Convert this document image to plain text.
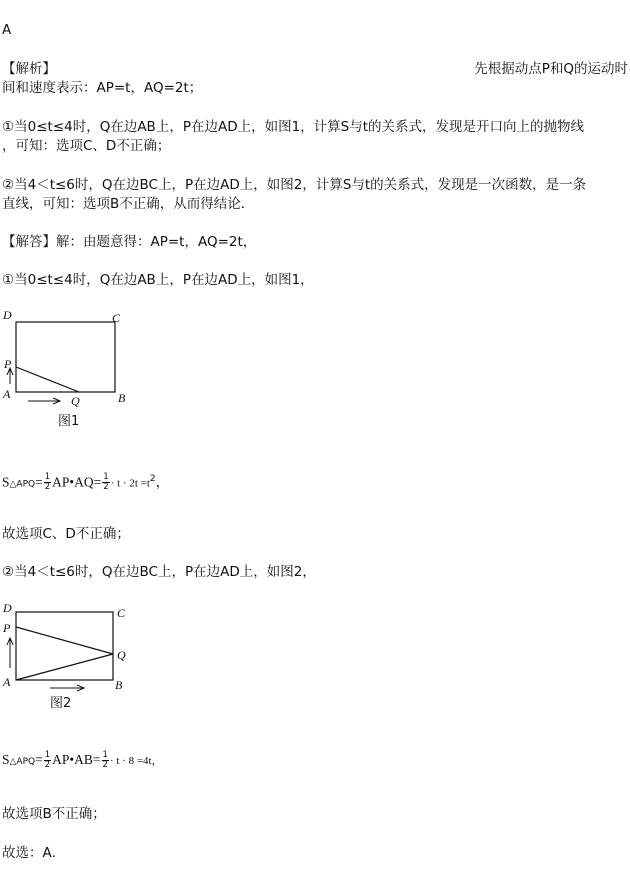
A
【解析】	先根据动点P和Q的运动时
间和速度表示：AP=t，AQ=2t；
①当0≤t≤4时，Q在边AB上，P在边AD上，如图1，计算S与t的关系式，发现是开口向上的抛物线
，可知：选项C、D不正确；
②当4＜t≤6时，Q在边BC上，P在边AD上，如图2，计算S与t的关系式，发现是一次函数，是一条
直线，可知：选项B不正确，从而得结论．
【解答】解：由题意得：AP=t，AQ=2t，
①当0≤t≤4时，Q在边AB上，P在边AD上，如图1，
D	C
P
A	Q	B
图1
S△APQ= $\frac{1}{2}$ AP•AQ= $\frac{1}{2} \cdot t \cdot 2t =t^2$，
故选项C、D不正确；
②当4＜t≤6时，Q在边BC上，P在边AD上，如图2，
D	C
P
Q
A	B
图2
S△APQ= $\frac{1}{2}$ AP•AB= $\frac{1}{2} \cdot t \cdot 8 =4t$，
故选项B不正确；
故选：A．
